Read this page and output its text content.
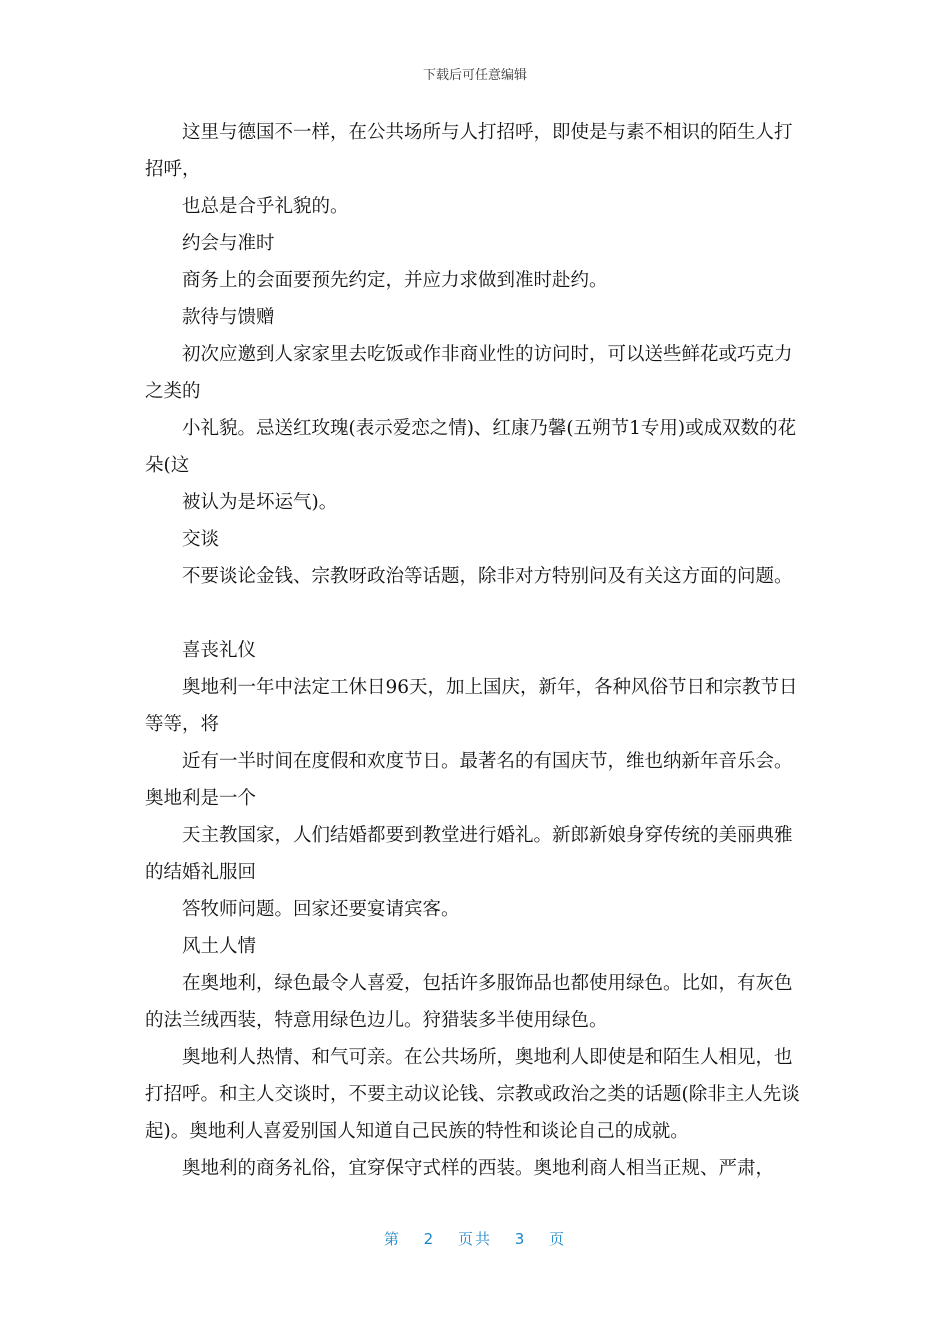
下载后可任意编辑

这里与德国不一样，在公共场所与人打招呼，即使是与素不相识的陌生人打招呼，

也总是合乎礼貌的。

约会与准时

商务上的会面要预先约定，并应力求做到准时赴约。

款待与馈赠

初次应邀到人家家里去吃饭或作非商业性的访问时，可以送些鲜花或巧克力之类的

小礼貌。忌送红玫瑰(表示爱恋之情)、红康乃馨(五朔节1专用)或成双数的花朵(这

被认为是坏运气)。

交谈

不要谈论金钱、宗教呀政治等话题，除非对方特别问及有关这方面的问题。

喜丧礼仪

奥地利一年中法定工休日96天，加上国庆，新年，各种风俗节日和宗教节日等等，将

近有一半时间在度假和欢度节日。最著名的有国庆节，维也纳新年音乐会。奥地利是一个

天主教国家，人们结婚都要到教堂进行婚礼。新郎新娘身穿传统的美丽典雅的结婚礼服回

答牧师问题。回家还要宴请宾客。

风土人情

在奥地利，绿色最令人喜爱，包括许多服饰品也都使用绿色。比如，有灰色的法兰绒西装，特意用绿色边儿。狩猎装多半使用绿色。

奥地利人热情、和气可亲。在公共场所，奥地利人即使是和陌生人相见，也打招呼。和主人交谈时，不要主动议论钱、宗教或政治之类的话题(除非主人先谈起)。奥地利人喜爱别国人知道自己民族的特性和谈论自己的成就。

奥地利的商务礼俗，宜穿保守式样的西装。奥地利商人相当正规、严肃，

第 2 页共 3 页
